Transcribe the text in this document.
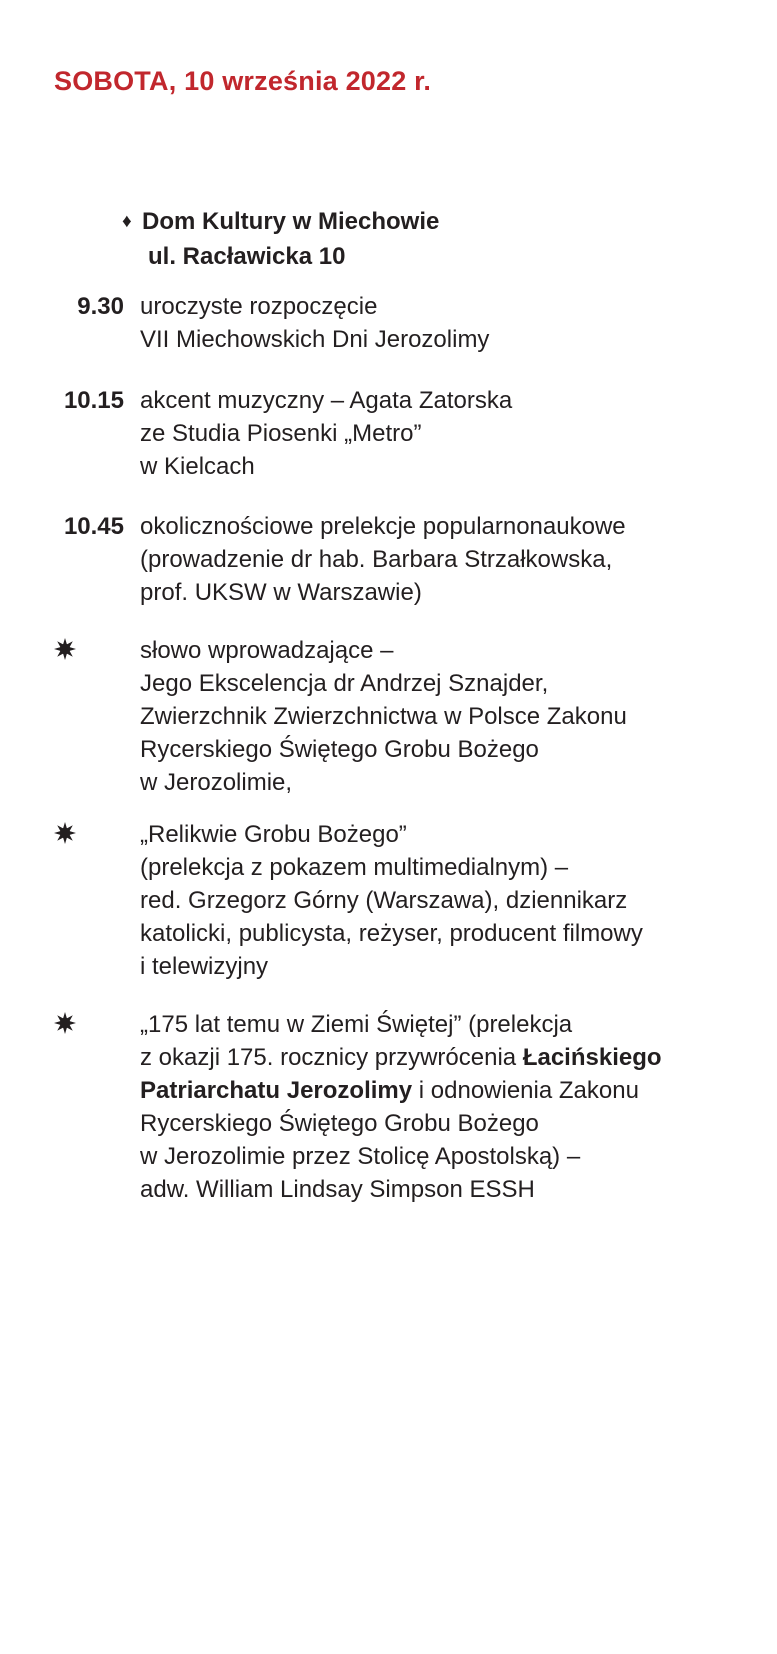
SOBOTA, 10 września 2022 r.
♦ Dom Kultury w Miechowie
ul. Racławicka 10
9.30 uroczyste rozpoczęcie
VII Miechowskich Dni Jerozolimy
10.15 akcent muzyczny – Agata Zatorska
ze Studia Piosenki „Metro”
w Kielcach
10.45 okolicznościowe prelekcje popularnonaukowe
(prowadzenie dr hab. Barbara Strzałkowska,
prof. UKSW w Warszawie)
słowo wprowadzające –
Jego Ekscelencja dr Andrzej Sznajder,
Zwierzchnik Zwierzchnictwa w Polsce Zakonu
Rycerskiego Świętego Grobu Bożego
w Jerozolimie,
„Relikwie Grobu Bożego”
(prelekcja z pokazem multimedialnym) –
red. Grzegorz Górny (Warszawa), dziennikarz
katolicki, publicysta, reżyser, producent filmowy
i telewizyjny
„175 lat temu w Ziemi Świętej” (prelekcja
z okazji 175. rocznicy przywrócenia Łacińskiego
Patriarchatu Jerozolimy i odnowienia Zakonu
Rycerskiego Świętego Grobu Bożego
w Jerozolimie przez Stolicę Apostolską) –
adw. William Lindsay Simpson ESSH
